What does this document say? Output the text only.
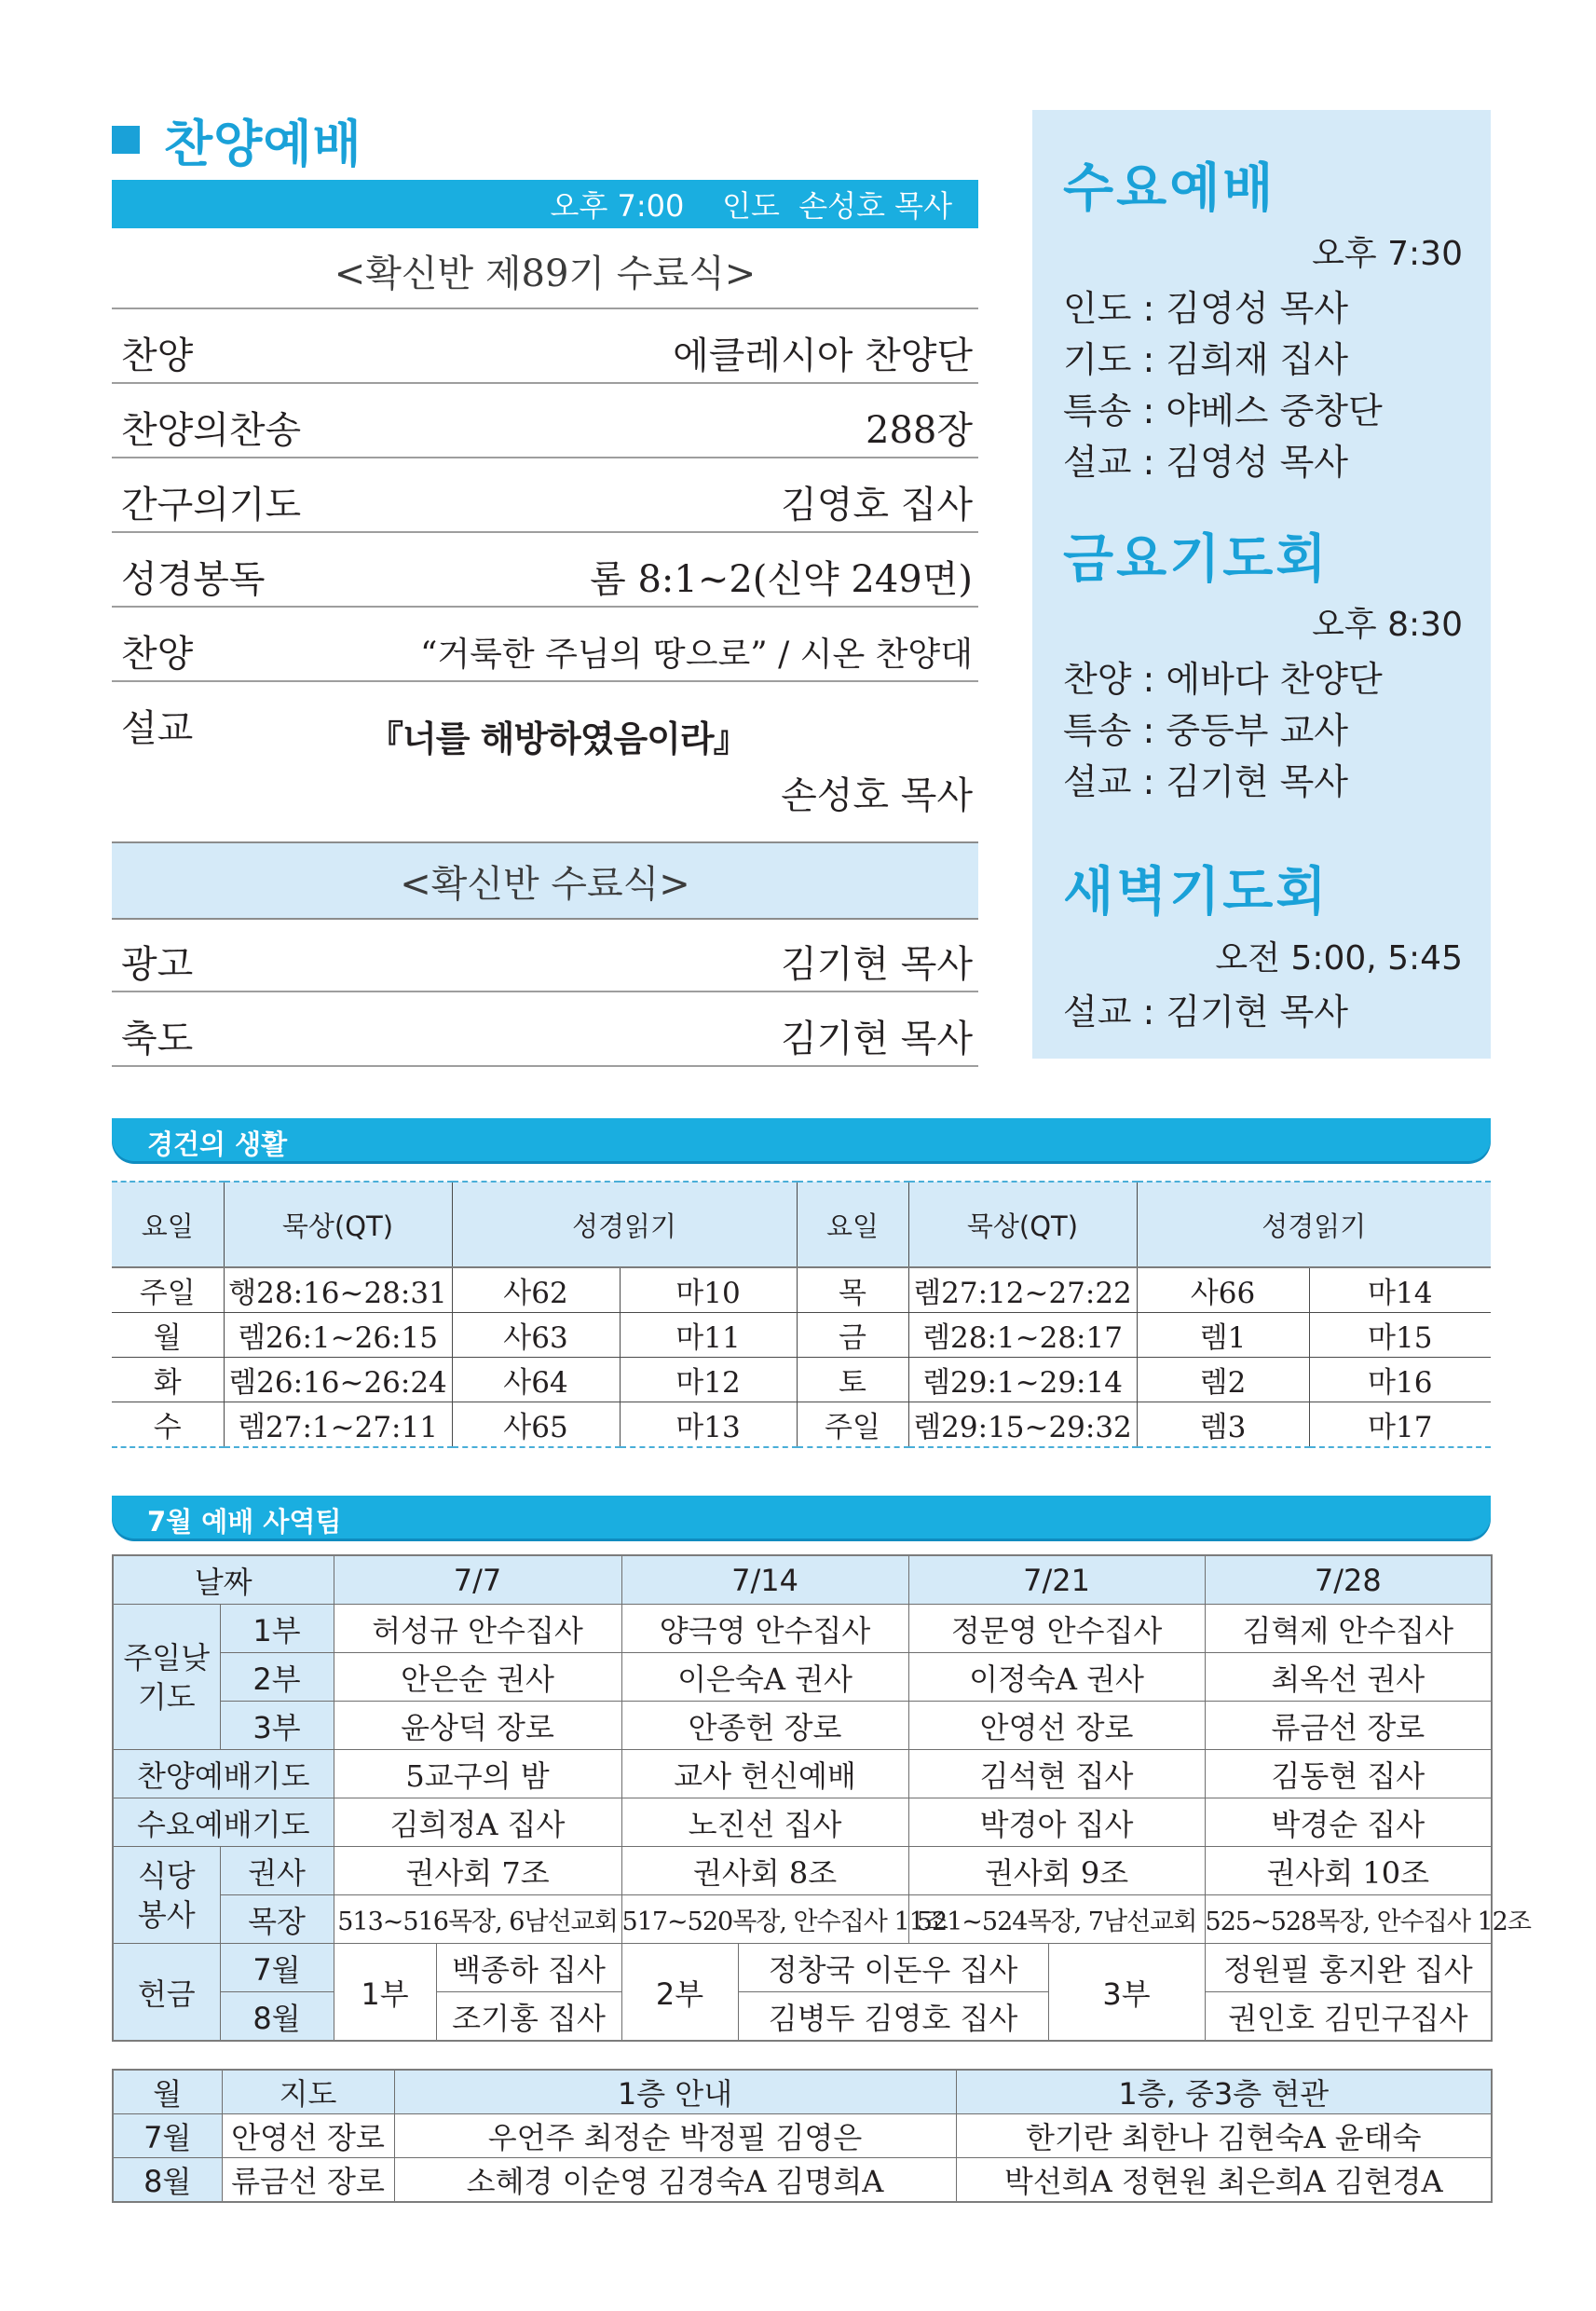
찬양예배
오후 7:00    인도  손성호 목사
<확신반 제89기 수료식>
찬양	에클레시아 찬양단
찬양의찬송	288장
간구의기도	김영호 집사
성경봉독	롬 8:1~2(신약 249면)
찬양	“거룩한 주님의 땅으로” / 시온 찬양대
설교	『너를 해방하였음이라』
손성호 목사
<확신반 수료식>
광고	김기현 목사
축도	김기현 목사
수요예배
오후 7:30
인도 : 김영성 목사
기도 : 김희재 집사
특송 : 야베스 중창단
설교 : 김영성 목사
금요기도회
오후 8:30
찬양 : 에바다 찬양단
특송 : 중등부 교사
설교 : 김기현 목사
새벽기도회
오전 5:00, 5:45
설교 : 김기현 목사
경건의 생활
요일	묵상(QT)	성경읽기		요일	묵상(QT)	성경읽기	
주일	행28:16~28:31	사62	마10	목	렘27:12~27:22	사66	마14
월	렘26:1~26:15	사63	마11	금	렘28:1~28:17	렘1	마15
화	렘26:16~26:24	사64	마12	토	렘29:1~29:14	렘2	마16
수	렘27:1~27:11	사65	마13	주일	렘29:15~29:32	렘3	마17
7월 예배 사역팀
날짜		7/7		7/14		7/21		7/28
주일낮 기도	1부	허성규 안수집사		양극영 안수집사		정문영 안수집사		김혁제 안수집사
	2부	안은순 권사		이은숙A 권사		이정숙A 권사		최옥선 권사
	3부	윤상덕 장로		안종헌 장로		안영선 장로		류금선 장로
찬양예배기도		5교구의 밤		교사 헌신예배		김석현 집사		김동현 집사
수요예배기도		김희정A 집사		노진선 집사		박경아 집사		박경순 집사
식당 봉사	권사	권사회 7조		권사회 8조		권사회 9조		권사회 10조
	목장	513~516목장, 6남선교회		517~520목장, 안수집사 11조		521~524목장, 7남선교회		525~528목장, 안수집사 12조
헌금	7월	1부	백종하 집사	2부	정창국 이돈우 집사		3부	정원필 홍지완 집사
	8월		조기홍 집사		김병두 김영호 집사			권인호 김민구집사
월	지도	1층 안내	1층, 중3층 현관
7월	안영선 장로	우언주 최정순 박정필 김영은	한기란 최한나 김현숙A 윤태숙
8월	류금선 장로	소혜경 이순영 김경숙A 김명희A	박선희A 정현원 최은희A 김현경A
